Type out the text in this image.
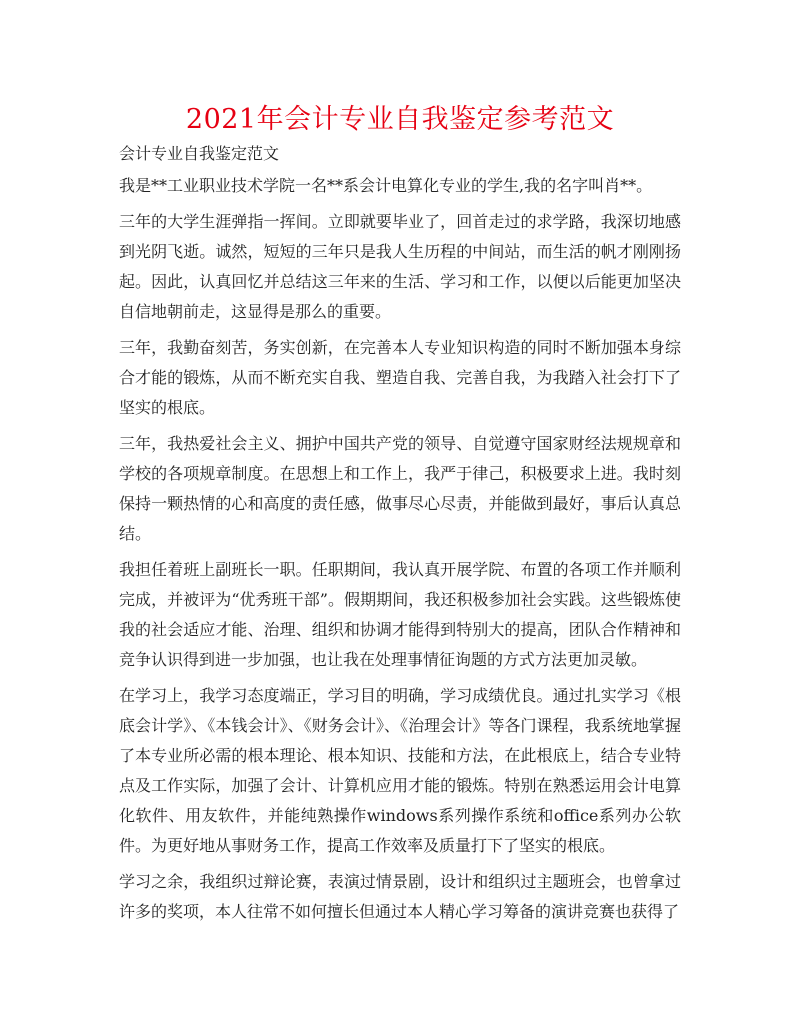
2021年会计专业自我鉴定参考范文
会计专业自我鉴定范文

我是**工业职业技术学院一名**系会计电算化专业的学生,我的名字叫肖**。

三年的大学生涯弹指一挥间。立即就要毕业了，回首走过的求学路，我深切地感到光阴飞逝。诚然，短短的三年只是我人生历程的中间站，而生活的帆才刚刚扬起。因此，认真回忆并总结这三年来的生活、学习和工作，以便以后能更加坚决自信地朝前走，这显得是那么的重要。

三年，我勤奋刻苦，务实创新，在完善本人专业知识构造的同时不断加强本身综合才能的锻炼，从而不断充实自我、塑造自我、完善自我，为我踏入社会打下了坚实的根底。

三年，我热爱社会主义、拥护中国共产党的领导、自觉遵守国家财经法规规章和学校的各项规章制度。在思想上和工作上，我严于律己，积极要求上进。我时刻保持一颗热情的心和高度的责任感，做事尽心尽责，并能做到最好，事后认真总结。

我担任着班上副班长一职。任职期间，我认真开展学院、布置的各项工作并顺利完成，并被评为“优秀班干部”。假期期间，我还积极参加社会实践。这些锻炼使我的社会适应才能、治理、组织和协调才能得到特别大的提高，团队合作精神和竞争认识得到进一步加强，也让我在处理事情征询题的方式方法更加灵敏。

在学习上，我学习态度端正，学习目的明确，学习成绩优良。通过扎实学习《根底会计学》、《本钱会计》、《财务会计》、《治理会计》等各门课程，我系统地掌握了本专业所必需的根本理论、根本知识、技能和方法，在此根底上，结合专业特点及工作实际，加强了会计、计算机应用才能的锻炼。特别在熟悉运用会计电算化软件、用友软件，并能纯熟操作windows系列操作系统和office系列办公软件。为更好地从事财务工作，提高工作效率及质量打下了坚实的根底。

学习之余，我组织过辩论赛，表演过情景剧，设计和组织过主题班会，也曾拿过许多的奖项，本人往常不如何擅长但通过本人精心学习筹备的演讲竞赛也获得了
